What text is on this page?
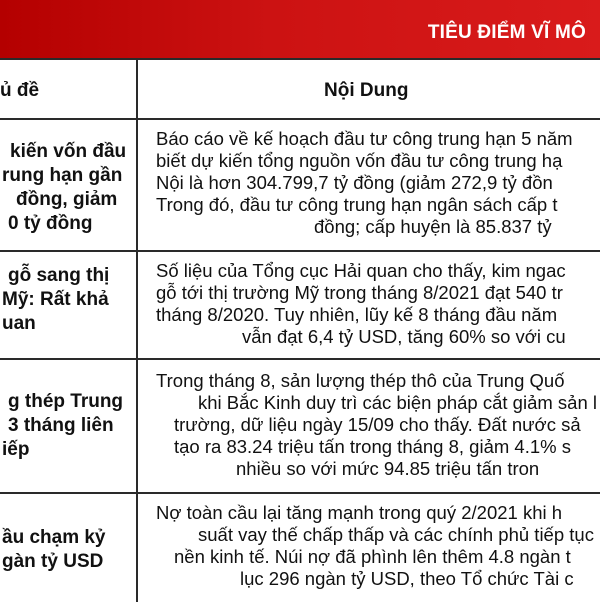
TIÊU ĐIỂM VĨ MÔ
ủ đề	Nội Dung
kiến vốn đầu
rung hạn gần
đồng, giảm
0 tỷ đồng
Báo cáo về kế hoạch đầu tư công trung hạn 5 năm
biết dự kiến tổng nguồn vốn đầu tư công trung hạ
Nội là hơn 304.799,7 tỷ đồng (giảm 272,9 tỷ đồn
Trong đó, đầu tư công trung hạn ngân sách cấp t
đồng; cấp huyện là 85.837 tỷ
gỗ sang thị
Mỹ: Rất khả
uan
Số liệu của Tổng cục Hải quan cho thấy, kim ngac
gỗ tới thị trường Mỹ trong tháng 8/2021 đạt 540 tr
tháng 8/2020. Tuy nhiên, lũy kế 8 tháng đầu năm
vẫn đạt 6,4 tỷ USD, tăng 60% so với cu
g thép Trung
3 tháng liên
iếp
Trong tháng 8, sản lượng thép thô của Trung Quố
khi Bắc Kinh duy trì các biện pháp cắt giảm sản l
trường, dữ liệu ngày 15/09 cho thấy. Đất nước sả
tạo ra 83.24 triệu tấn trong tháng 8, giảm 4.1% s
nhiều so với mức 94.85 triệu tấn tron
ầu chạm kỷ
gàn tỷ USD
Nợ toàn cầu lại tăng mạnh trong quý 2/2021 khi h
suất vay thế chấp thấp và các chính phủ tiếp tục
nền kinh tế. Núi nợ đã phình lên thêm 4.8 ngàn t
lục 296 ngàn tỷ USD, theo Tổ chức Tài c
